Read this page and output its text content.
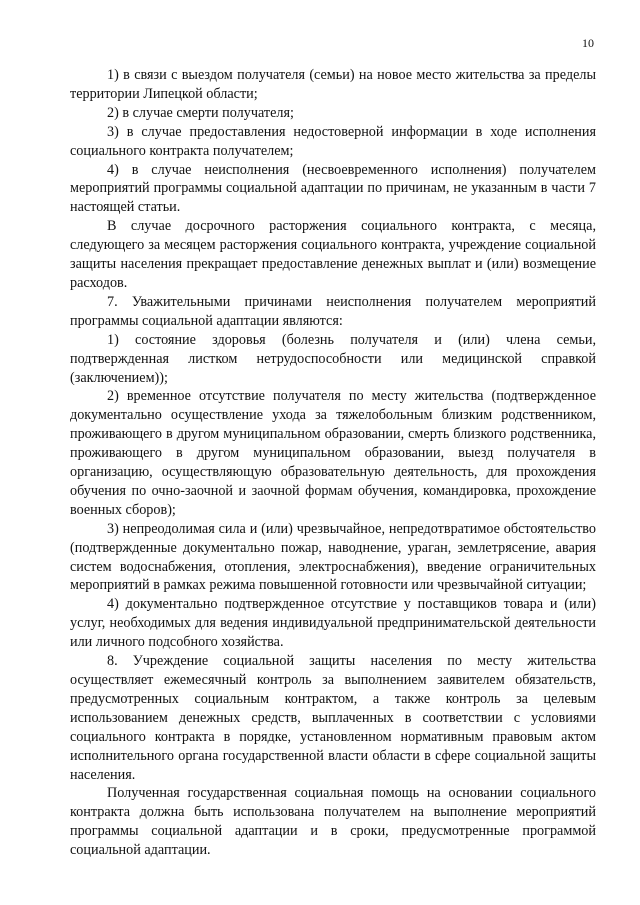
10

1) в связи с выездом получателя (семьи) на новое место жительства за пределы территории Липецкой области;

2) в случае смерти получателя;

3) в случае предоставления недостоверной информации в ходе исполнения социального контракта получателем;

4) в случае неисполнения (несвоевременного исполнения) получателем мероприятий программы социальной адаптации по причинам, не указанным в части 7 настоящей статьи.

В случае досрочного расторжения социального контракта, с месяца, следующего за месяцем расторжения социального контракта, учреждение социальной защиты населения прекращает предоставление денежных выплат и (или) возмещение расходов.

7. Уважительными причинами неисполнения получателем мероприятий программы социальной адаптации являются:

1) состояние здоровья (болезнь получателя и (или) члена семьи, подтвержденная листком нетрудоспособности или медицинской справкой (заключением));

2) временное отсутствие получателя по месту жительства (подтвержденное документально осуществление ухода за тяжелобольным близким родственником, проживающего в другом муниципальном образовании, смерть близкого родственника, проживающего в другом муниципальном образовании, выезд получателя в организацию, осуществляющую образовательную деятельность, для прохождения обучения по очно-заочной и заочной формам обучения, командировка, прохождение военных сборов);

3) непреодолимая сила и (или) чрезвычайное, непредотвратимое обстоятельство (подтвержденные документально пожар, наводнение, ураган, землетрясение, авария систем водоснабжения, отопления, электроснабжения), введение ограничительных мероприятий в рамках режима повышенной готовности или чрезвычайной ситуации;

4) документально подтвержденное отсутствие у поставщиков товара и (или) услуг, необходимых для ведения индивидуальной предпринимательской деятельности или личного подсобного хозяйства.

8. Учреждение социальной защиты населения по месту жительства осуществляет ежемесячный контроль за выполнением заявителем обязательств, предусмотренных социальным контрактом, а также контроль за целевым использованием денежных средств, выплаченных в соответствии с условиями социального контракта в порядке, установленном нормативным правовым актом исполнительного органа государственной власти области в сфере социальной защиты населения.

Полученная государственная социальная помощь на основании социального контракта должна быть использована получателем на выполнение мероприятий программы социальной адаптации и в сроки, предусмотренные программой социальной адаптации.
